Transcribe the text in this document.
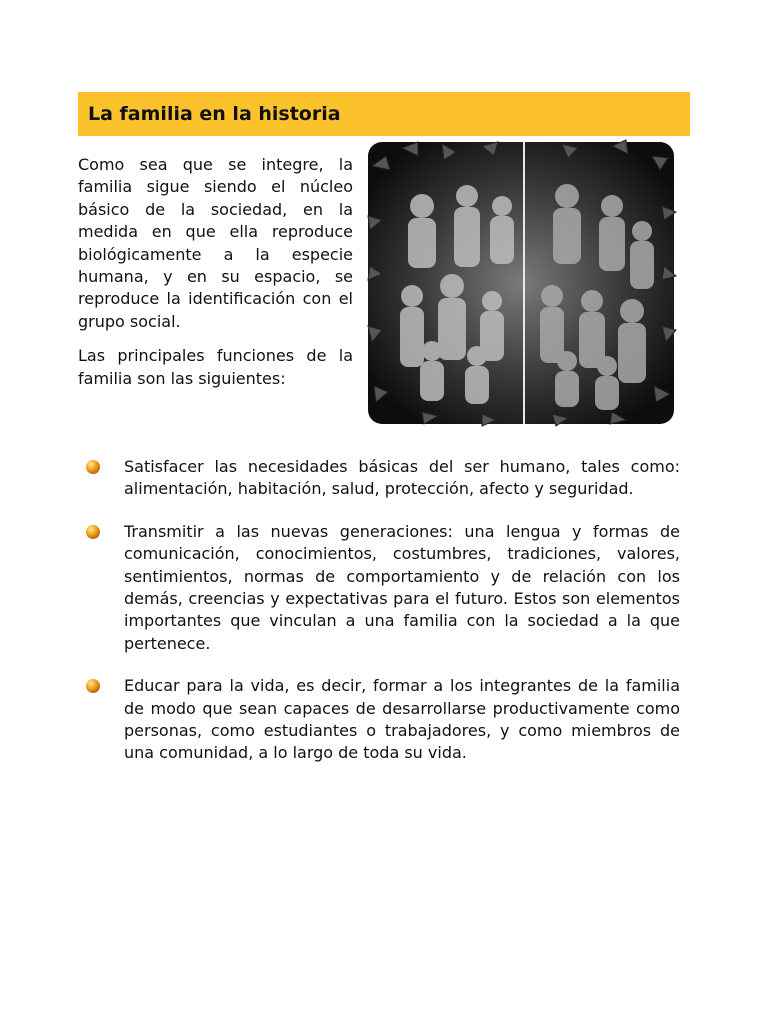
La familia en la historia

Como sea que se integre, la familia sigue siendo el núcleo básico de la sociedad, en la medida en que ella reproduce biológicamente a la especie humana, y en su espacio, se reproduce la identificación con el grupo social.

Las principales funciones de la familia son las siguientes:

Satisfacer las necesidades básicas del ser humano, tales como: alimentación, habitación, salud, protección, afecto y seguridad.
Transmitir a las nuevas generaciones: una lengua y formas de comunicación, conocimientos, costumbres, tradiciones, valores, sentimientos, normas de comportamiento y de relación con los demás, creencias y expectativas para el futuro. Estos son elementos importantes que vinculan a una familia con la sociedad a la que pertenece.
Educar para la vida, es decir, formar a los integrantes de la familia de modo que sean capaces de desarrollarse productivamente como personas, como estudiantes o trabajadores, y como miembros de una comunidad, a lo largo de toda su vida.
